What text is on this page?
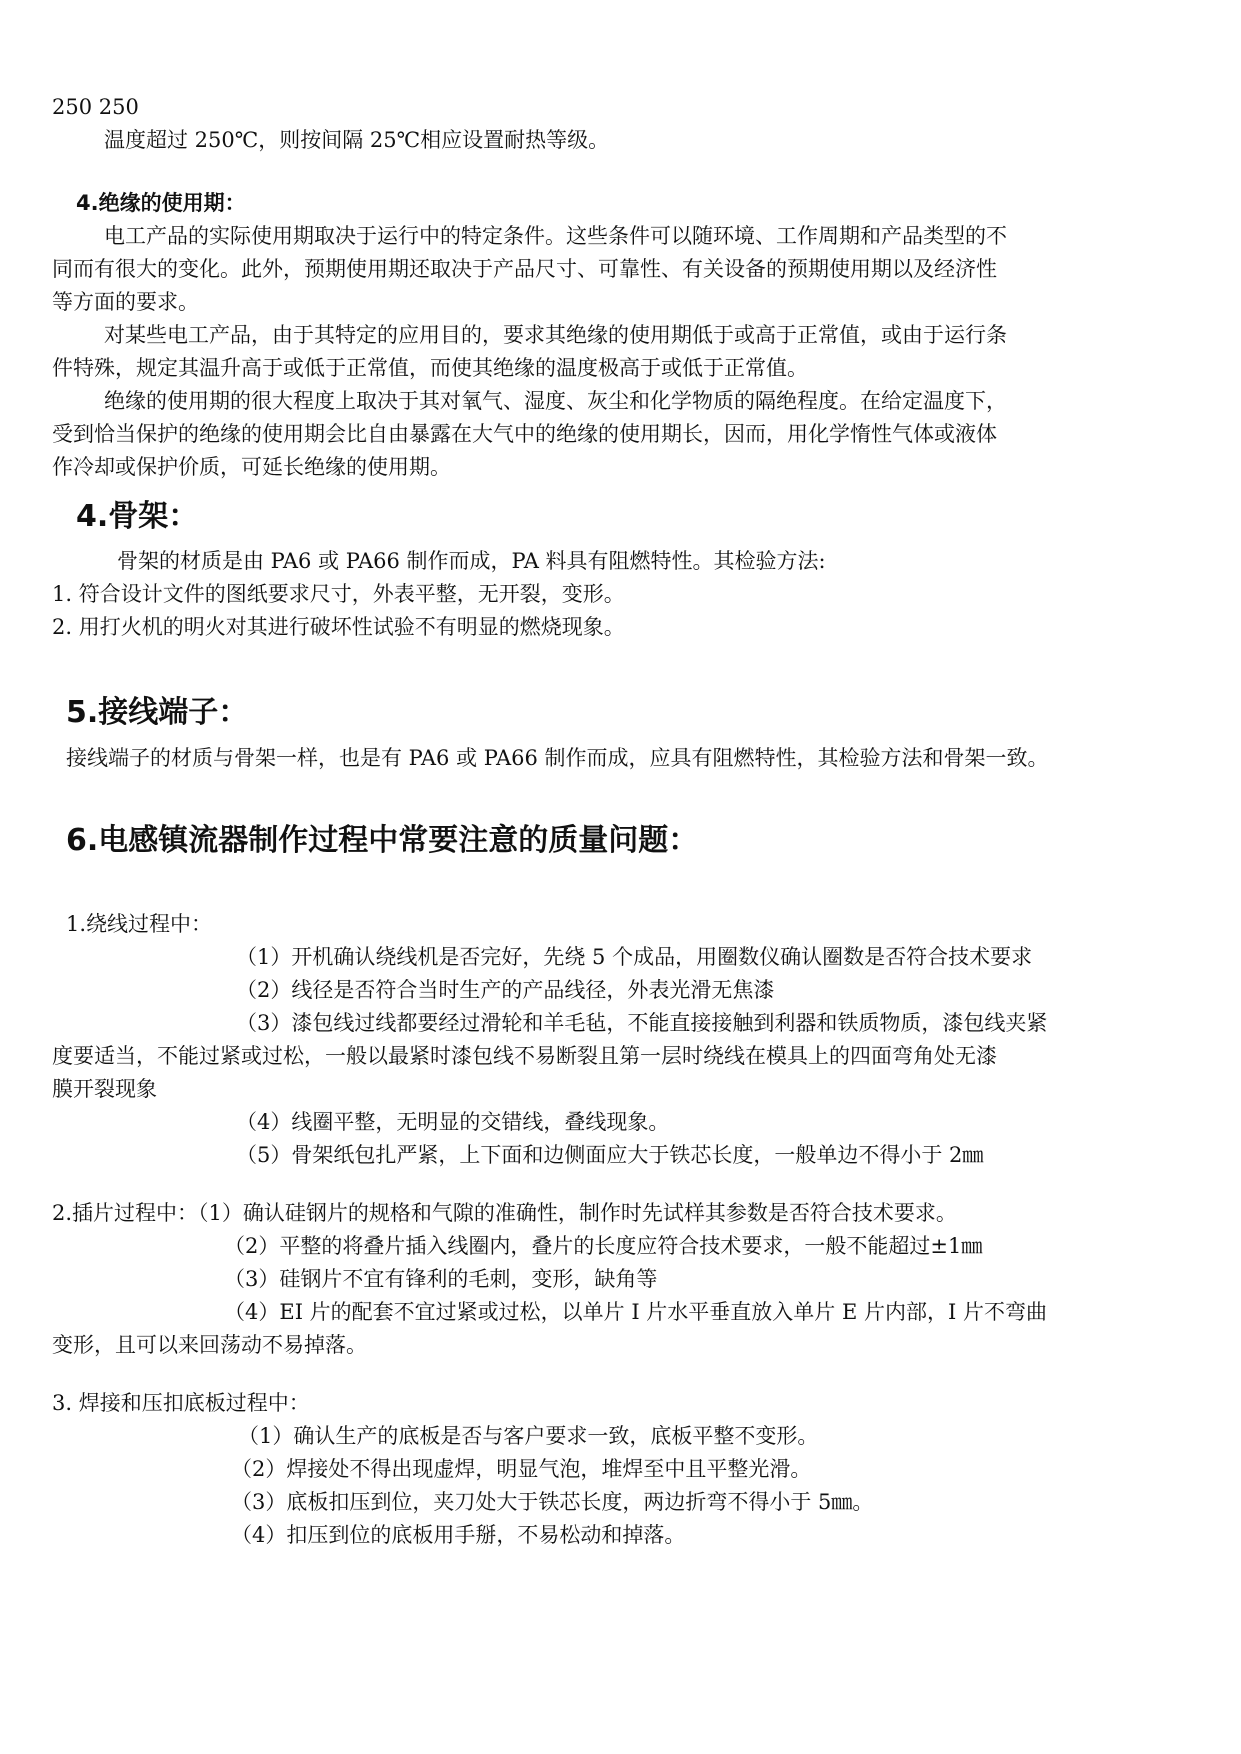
250 250
温度超过 250℃，则按间隔 25℃相应设置耐热等级。
4.绝缘的使用期：
电工产品的实际使用期取决于运行中的特定条件。这些条件可以随环境、工作周期和产品类型的不
同而有很大的变化。此外，预期使用期还取决于产品尺寸、可靠性、有关设备的预期使用期以及经济性
等方面的要求。
对某些电工产品，由于其特定的应用目的，要求其绝缘的使用期低于或高于正常值，或由于运行条
件特殊，规定其温升高于或低于正常值，而使其绝缘的温度极高于或低于正常值。
绝缘的使用期的很大程度上取决于其对氧气、湿度、灰尘和化学物质的隔绝程度。在给定温度下，
受到恰当保护的绝缘的使用期会比自由暴露在大气中的绝缘的使用期长，因而，用化学惰性气体或液体
作冷却或保护价质，可延长绝缘的使用期。
4.骨架：
骨架的材质是由 PA6 或 PA66 制作而成，PA 料具有阻燃特性。其检验方法:
1. 符合设计文件的图纸要求尺寸，外表平整，无开裂，变形。
2. 用打火机的明火对其进行破坏性试验不有明显的燃烧现象。
5.接线端子：
接线端子的材质与骨架一样，也是有 PA6 或 PA66 制作而成，应具有阻燃特性，其检验方法和骨架一致。
6.电感镇流器制作过程中常要注意的质量问题：
1.绕线过程中：
（1）开机确认绕线机是否完好，先绕 5 个成品，用圈数仪确认圈数是否符合技术要求
（2）线径是否符合当时生产的产品线径，外表光滑无焦漆
（3）漆包线过线都要经过滑轮和羊毛毡，不能直接接触到利器和铁质物质，漆包线夹紧
度要适当，不能过紧或过松，一般以最紧时漆包线不易断裂且第一层时绕线在模具上的四面弯角处无漆
膜开裂现象
（4）线圈平整，无明显的交错线，叠线现象。
（5）骨架纸包扎严紧，上下面和边侧面应大于铁芯长度，一般单边不得小于 2㎜
2.插片过程中：（1）确认硅钢片的规格和气隙的准确性，制作时先试样其参数是否符合技术要求。
（2）平整的将叠片插入线圈内，叠片的长度应符合技术要求，一般不能超过±1㎜
（3）硅钢片不宜有锋利的毛刺，变形，缺角等
（4）EI 片的配套不宜过紧或过松，以单片 I 片水平垂直放入单片 E 片内部，I 片不弯曲
变形，且可以来回荡动不易掉落。
3. 焊接和压扣底板过程中：
（1）确认生产的底板是否与客户要求一致，底板平整不变形。
（2）焊接处不得出现虚焊，明显气泡，堆焊至中且平整光滑。
（3）底板扣压到位，夹刀处大于铁芯长度，两边折弯不得小于 5㎜。
（4）扣压到位的底板用手掰，不易松动和掉落。
